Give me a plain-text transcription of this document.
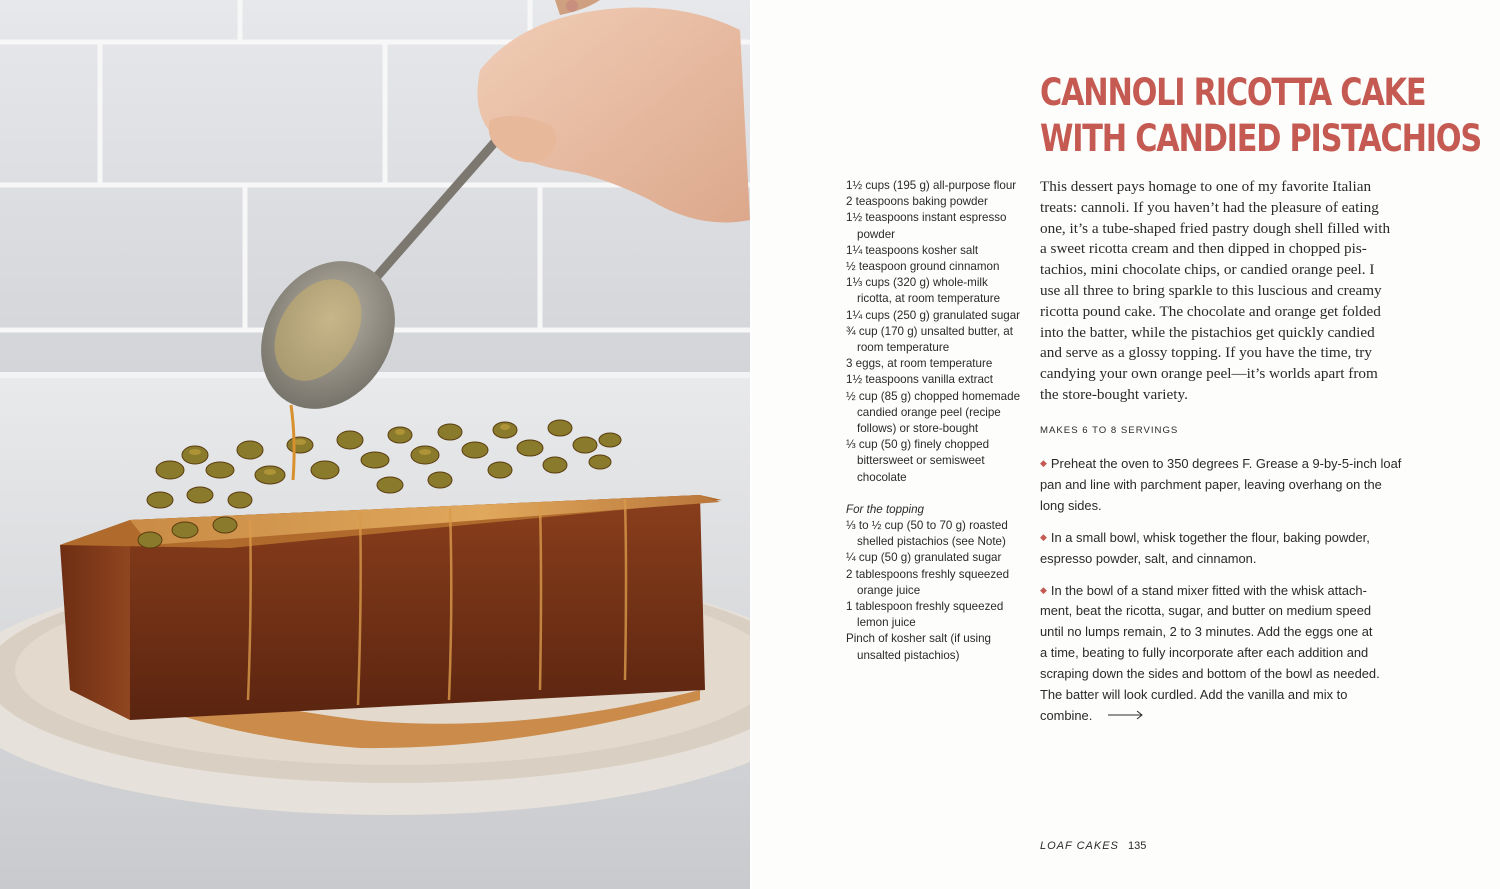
CANNOLI RICOTTA CAKE
WITH CANDIED PISTACHIOS
1½ cups (195 g) all-purpose flour
2 teaspoons baking powder
1½ teaspoons instant espresso powder
1¼ teaspoons kosher salt
½ teaspoon ground cinnamon
1⅓ cups (320 g) whole-milk ricotta, at room temperature
1¼ cups (250 g) granulated sugar
¾ cup (170 g) unsalted butter, at room temperature
3 eggs, at room temperature
1½ teaspoons vanilla extract
½ cup (85 g) chopped homemade candied orange peel (recipe follows) or store-bought
⅓ cup (50 g) finely chopped bittersweet or semisweet chocolate
For the topping
⅓ to ½ cup (50 to 70 g) roasted shelled pistachios (see Note)
¼ cup (50 g) granulated sugar
2 tablespoons freshly squeezed orange juice
1 tablespoon freshly squeezed lemon juice
Pinch of kosher salt (if using unsalted pistachios)

This dessert pays homage to one of my favorite Italian
treats: cannoli. If you haven’t had the pleasure of eating
one, it’s a tube-shaped fried pastry dough shell filled with
a sweet ricotta cream and then dipped in chopped pis-
tachios, mini chocolate chips, or candied orange peel. I
use all three to bring sparkle to this luscious and creamy
ricotta pound cake. The chocolate and orange get folded
into the batter, while the pistachios get quickly candied
and serve as a glossy topping. If you have the time, try
candying your own orange peel—it’s worlds apart from
the store-bought variety.

MAKES 6 TO 8 SERVINGS
◆ Preheat the oven to 350 degrees F. Grease a 9-by-5-inch loaf
pan and line with parchment paper, leaving overhang on the
long sides.
◆ In a small bowl, whisk together the flour, baking powder,
espresso powder, salt, and cinnamon.
◆ In the bowl of a stand mixer fitted with the whisk attach-
ment, beat the ricotta, sugar, and butter on medium speed
until no lumps remain, 2 to 3 minutes. Add the eggs one at
a time, beating to fully incorporate after each addition and
scraping down the sides and bottom of the bowl as needed.
The batter will look curdled. Add the vanilla and mix to
combine.
LOAF CAKES 135
